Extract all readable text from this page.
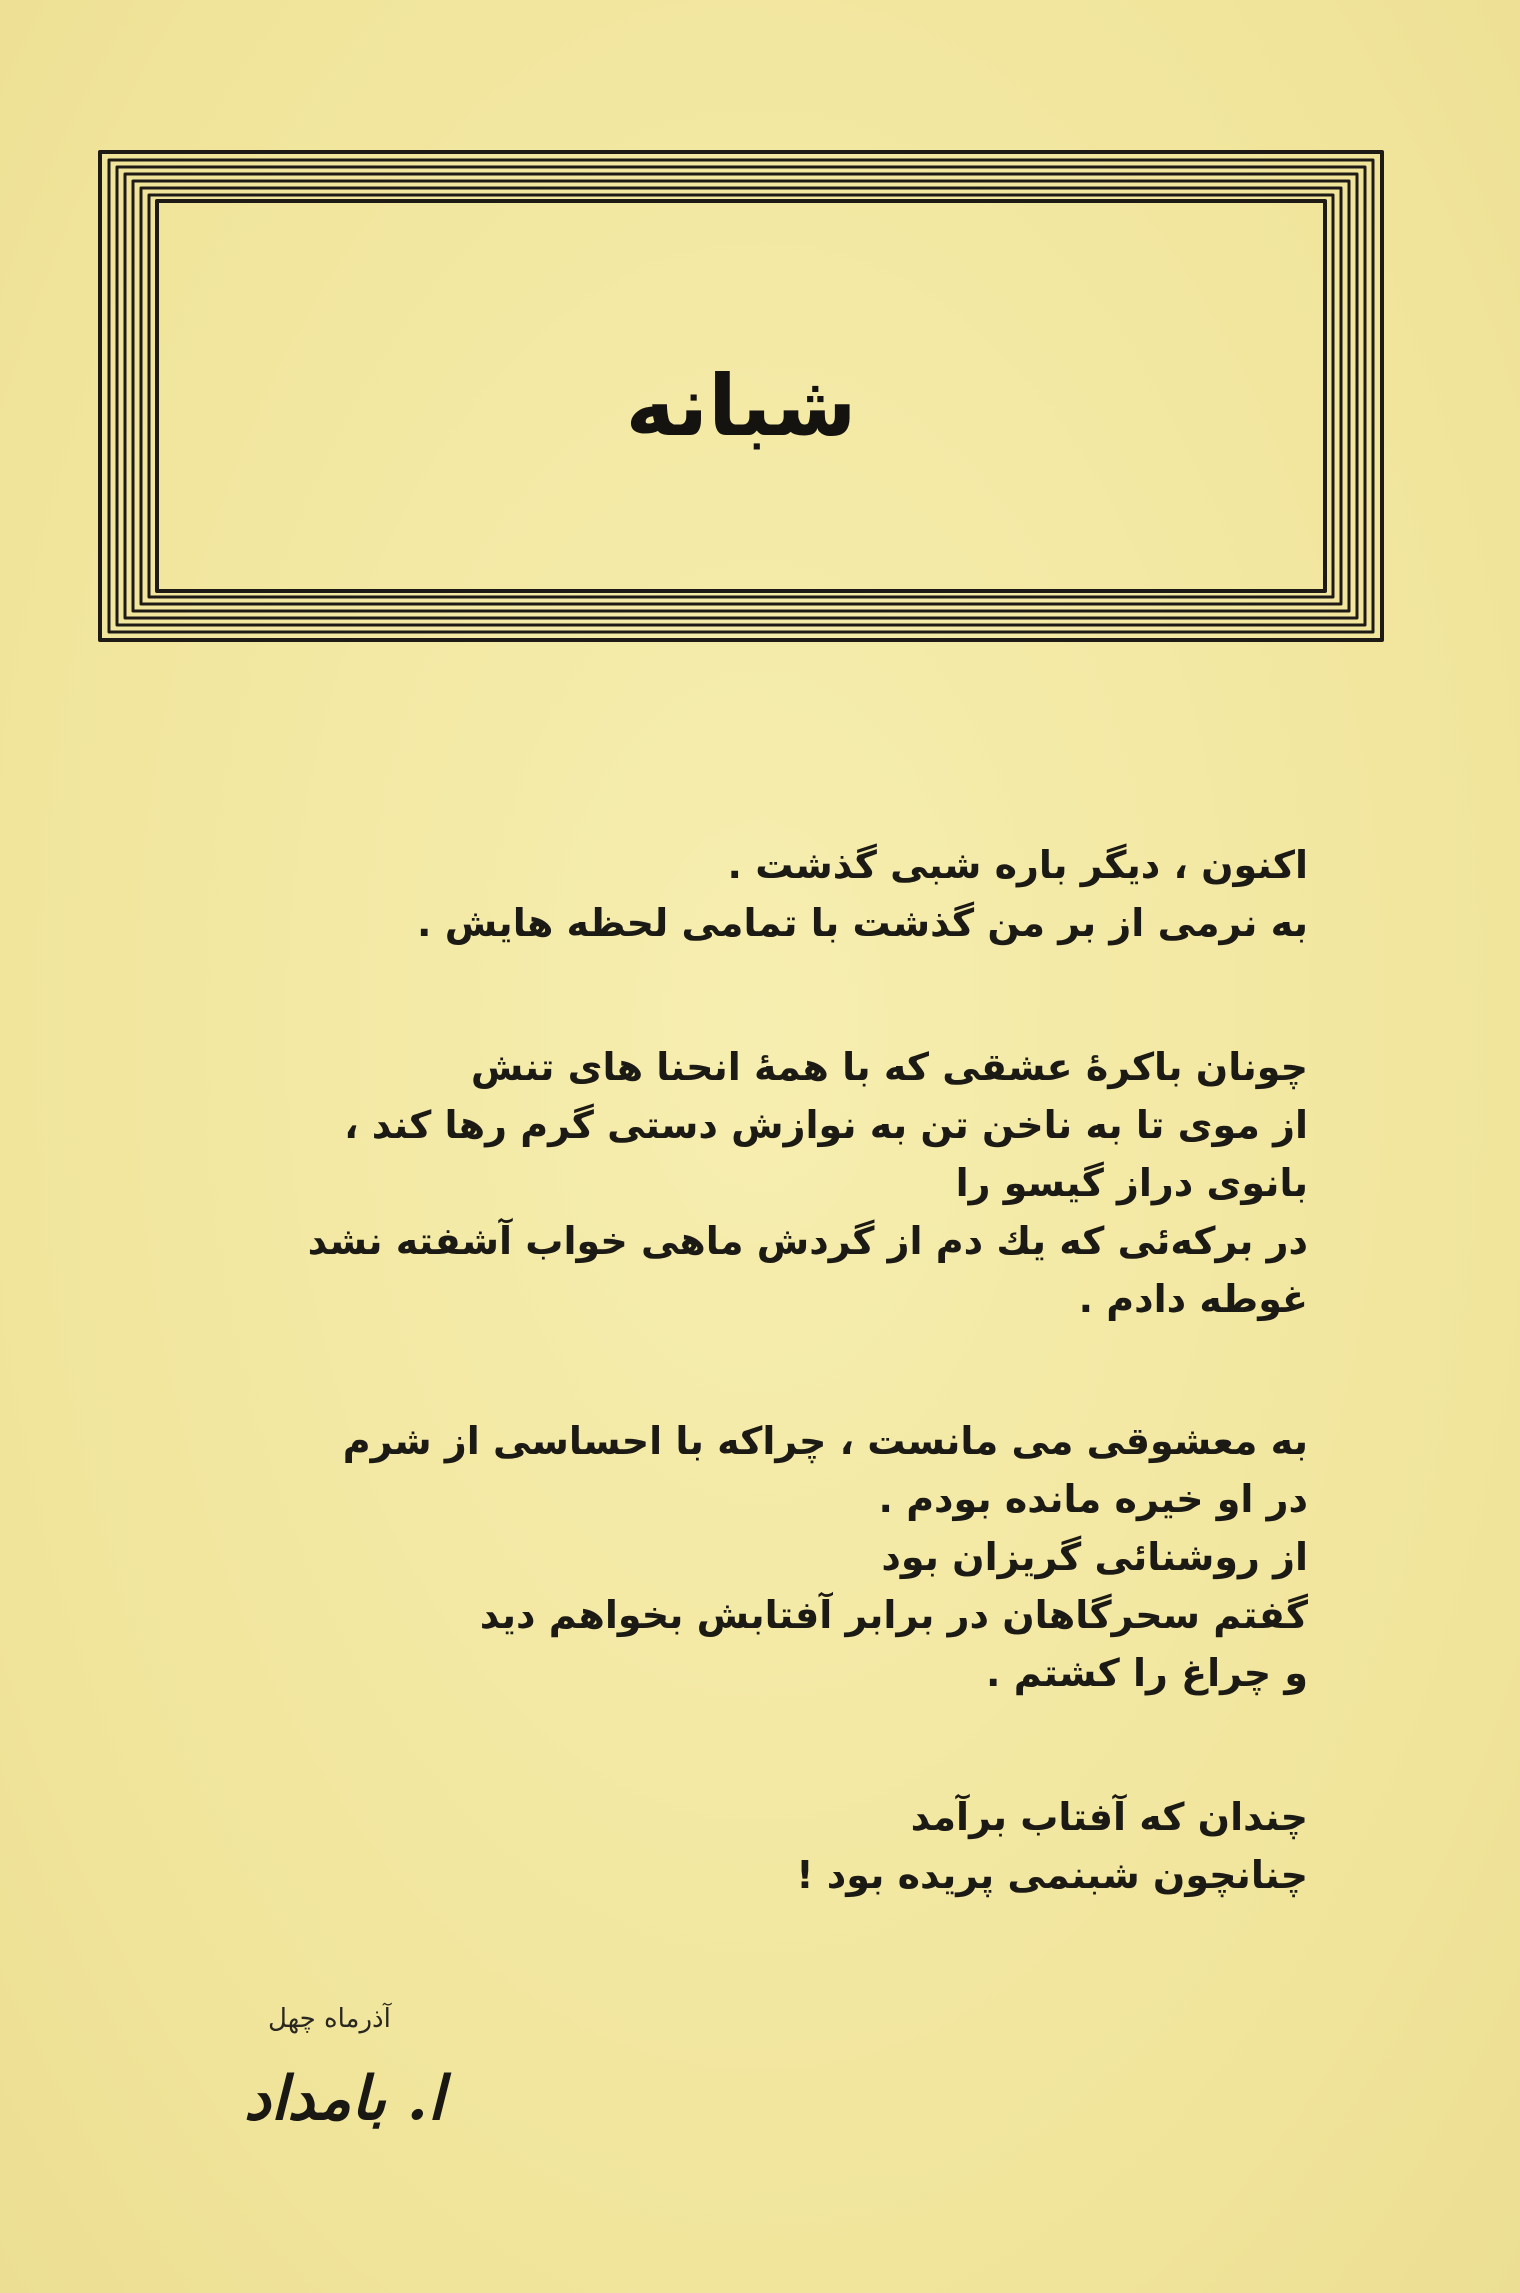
شبانه
اکنون ، دیگر باره شبی گذشت .
به نرمی از بر من گذشت با تمامی لحظه هایش .
چونان باکرهٔ عشقی که با همهٔ انحنا های تنش
از موی تا به ناخن تن به نوازش دستی گرم رها کند ،
بانوی دراز گیسو را
در برکه‌ئی که یك دم از گردش ماهی خواب آشفته نشد
غوطه دادم .
به معشوقی می مانست ، چراکه با احساسی از شرم
در او خیره مانده بودم .
از روشنائی گریزان بود
گفتم سحرگاهان در برابر آفتابش بخواهم دید
و چراغ را کشتم .
چندان که آفتاب برآمد
چنانچون شبنمی پریده بود !
آذرماه چهل
ا. بامداد
